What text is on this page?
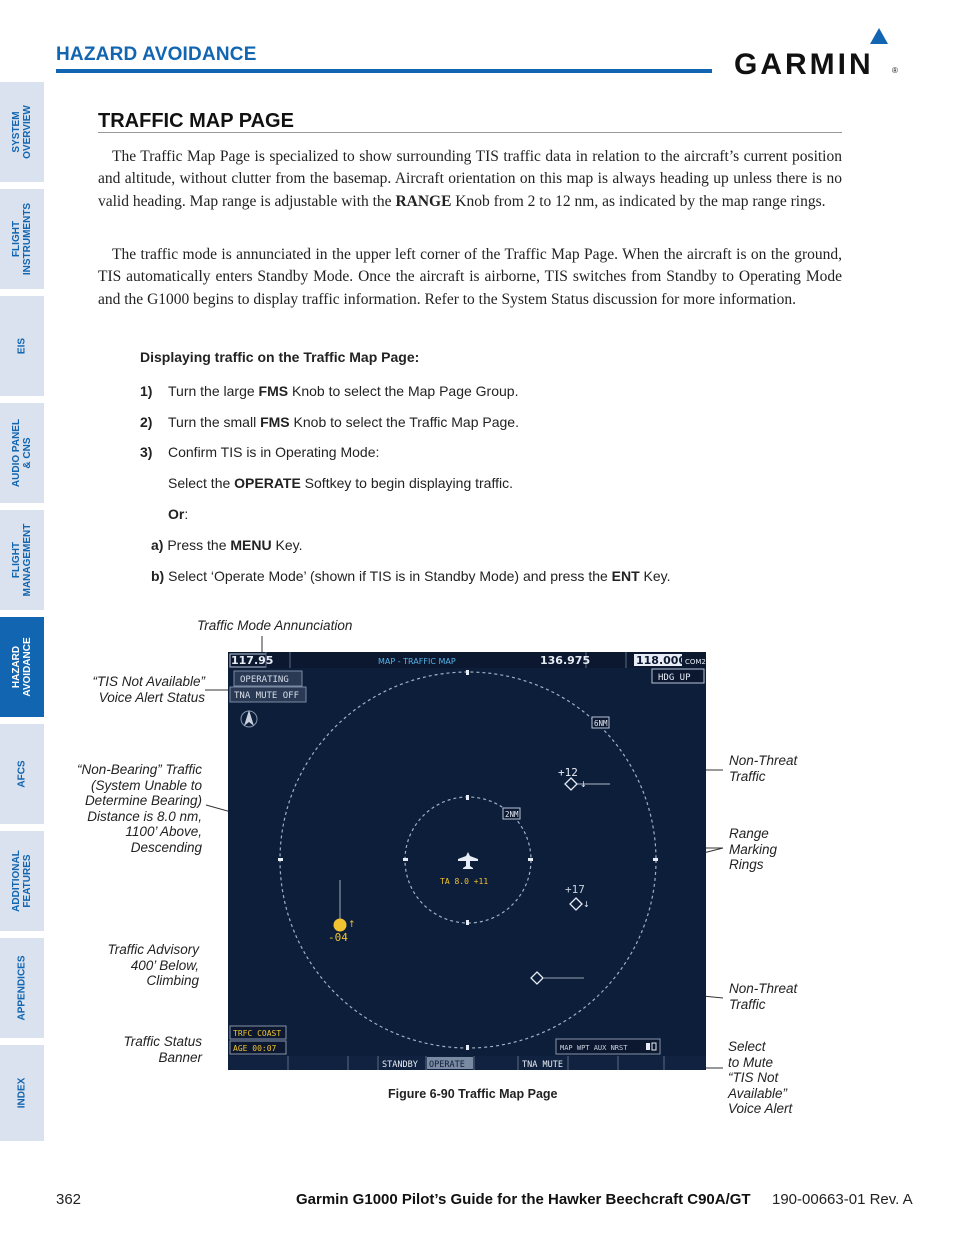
HAZARD AVOIDANCE	GARMIN ®
SYSTEM OVERVIEW
FLIGHT INSTRUMENTS
EIS
AUDIO PANEL & CNS
FLIGHT MANAGEMENT
HAZARD AVOIDANCE
AFCS
ADDITIONAL FEATURES
APPENDICES
INDEX
TRAFFIC MAP PAGE
The Traffic Map Page is specialized to show surrounding TIS traffic data in relation to the aircraft’s current position and altitude, without clutter from the basemap. Aircraft orientation on this map is always heading up unless there is no valid heading. Map range is adjustable with the RANGE Knob from 2 to 12 nm, as indicated by the map range rings.
The traffic mode is annunciated in the upper left corner of the Traffic Map Page. When the aircraft is on the ground, TIS automatically enters Standby Mode. Once the aircraft is airborne, TIS switches from Standby to Operating Mode and the G1000 begins to display traffic information. Refer to the System Status discussion for more information.
Displaying traffic on the Traffic Map Page:
1) Turn the large FMS Knob to select the Map Page Group.
2) Turn the small FMS Knob to select the Traffic Map Page.
3) Confirm TIS is in Operating Mode:
Select the OPERATE Softkey to begin displaying traffic.
Or:
a) Press the MENU Key.
b) Select ‘Operate Mode’ (shown if TIS is in Standby Mode) and press the ENT Key.
Traffic Mode Annunciation
“TIS Not Available”
Voice Alert Status
“Non-Bearing” Traffic
(System Unable to
Determine Bearing)
Distance is 8.0 nm,
1100’ Above,
Descending
Traffic Advisory
400’ Below,
Climbing
Traffic Status
Banner
Non-Threat
Traffic
Range
Marking
Rings
Non-Threat
Traffic
Select
to Mute
“TIS Not
Available”
Voice Alert
117.95	MAP - TRAFFIC MAP	136.975	118.000
COM2
OPERATING
TNA MUTE OFF
HDG UP
6NM
2NM
TA 8.0 +11
+12
↓
+17
↓
↑
-04
TRFC COAST
AGE 00:07	MAP WPT AUX NRST
STANDBY OPERATE	TNA MUTE
Figure 6-90 Traffic Map Page
362	Garmin G1000 Pilot’s Guide for the Hawker Beechcraft C90A/GT 190-00663-01 Rev. A
